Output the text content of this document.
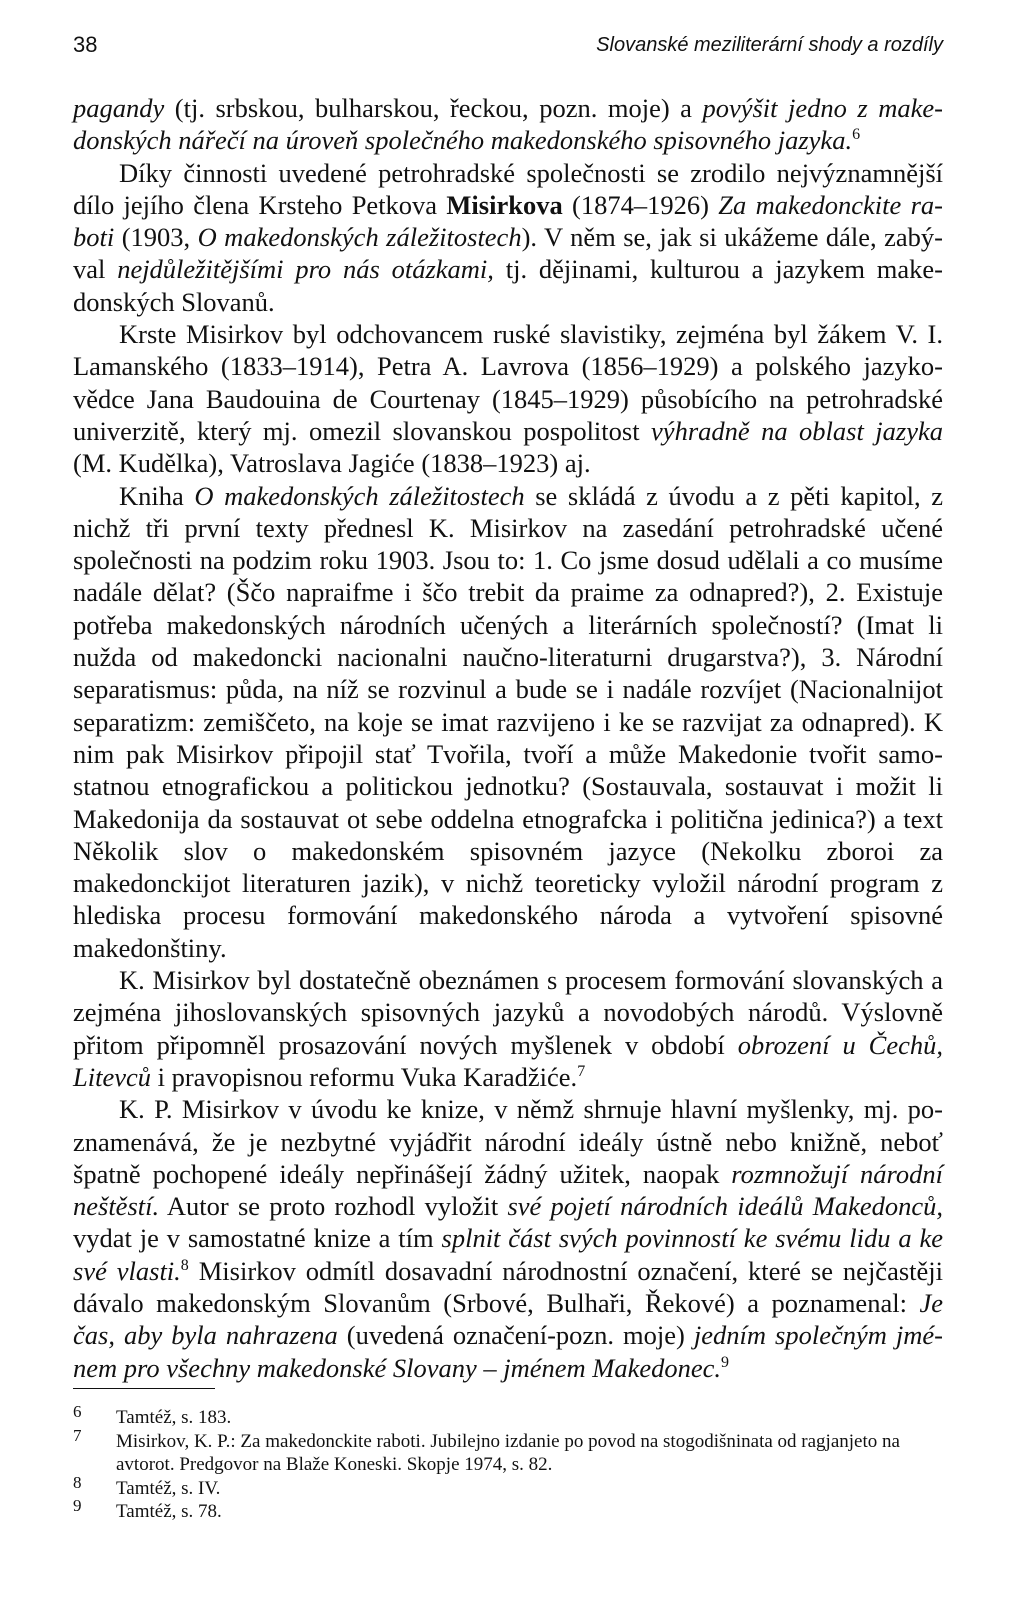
38	Slovanské meziliterární shody a rozdíly

pagandy (tj. srbskou, bulharskou, řeckou, pozn. moje) a povýšit jedno z makedonských nářečí na úroveň společného makedonského spisovného jazyka.$^6$

Díky činnosti uvedené petrohradské společnosti se zrodilo nejvýznamnější dílo jejího člena Krsteho Petkova Misirkova (1874–1926) Za makedonckite raboti (1903, O makedonských záležitostech). V něm se, jak si ukážeme dále, zabýval nejdůležitějšími pro nás otázkami, tj. dějinami, kulturou a jazykem makedonských Slovanů.

Krste Misirkov byl odchovancem ruské slavistiky, zejména byl žákem V. I. Lamanského (1833–1914), Petra A. Lavrova (1856–1929) a polského jazykovědce Jana Baudouina de Courtenay (1845–1929) působícího na petrohradské univerzitě, který mj. omezil slovanskou pospolitost výhradně na oblast jazyka (M. Kudělka), Vatroslava Jagiće (1838–1923) aj.

Kniha O makedonských záležitostech se skládá z úvodu a z pěti kapitol, z nichž tři první texty přednesl K. Misirkov na zasedání petrohradské učené společnosti na podzim roku 1903. Jsou to: 1. Co jsme dosud udělali a co musíme nadále dělat? (Ščo napraifme i ščo trebit da praime za odnapred?), 2. Existuje potřeba makedonských národních učených a literárních společností? (Imat li nužda od makedoncki nacionalni naučno-literaturni drugarstva?), 3. Národní separatismus: půda, na níž se rozvinul a bude se i nadále rozvíjet (Nacionalnijot separatizm: zemiščeto, na koje se imat razvijeno i ke se razvijat za odnapred). K nim pak Misirkov připojil stať Tvořila, tvoří a může Makedonie tvořit samostatnou etnografickou a politickou jednotku? (Sostauvala, sostauvat i možit li Makedonija da sostauvat ot sebe oddelna etnografcka i politična jedinica?) a text Několik slov o makedonském spisovném jazyce (Nekolku zboroi za makedonckijot literaturen jazik), v nichž teoreticky vyložil národní program z hlediska procesu formování makedonského národa a vytvoření spisovné makedonštiny.

K. Misirkov byl dostatečně obeznámen s procesem formování slovanských a zejména jihoslovanských spisovných jazyků a novodobých národů. Výslovně přitom připomněl prosazování nových myšlenek v období obrození u Čechů, Litevců i pravopisnou reformu Vuka Karadžiće.$^7$

K. P. Misirkov v úvodu ke knize, v němž shrnuje hlavní myšlenky, mj. poznamenává, že je nezbytné vyjádřit národní ideály ústně nebo knižně, neboť špatně pochopené ideály nepřinášejí žádný užitek, naopak rozmnožují národní neštěstí. Autor se proto rozhodl vyložit své pojetí národních ideálů Makedonců, vydat je v samostatné knize a tím splnit část svých povinností ke svému lidu a ke své vlasti.$^8$ Misirkov odmítl dosavadní národnostní označení, které se nejčastěji dávalo makedonským Slovanům (Srbové, Bulhaři, Řekové) a poznamenal: Je čas, aby byla nahrazena (uvedená označení-pozn. moje) jedním společným jménem pro všechny makedonské Slovany – jménem Makedonec.$^9$

6 Tamtéž, s. 183.
7 Misirkov, K. P.: Za makedonckite raboti. Jubilejno izdanie po povod na stogodišninata od ragjanjeto na avtorot. Predgovor na Blaže Koneski. Skopje 1974, s. 82.
8 Tamtéž, s. IV.
9 Tamtéž, s. 78.
